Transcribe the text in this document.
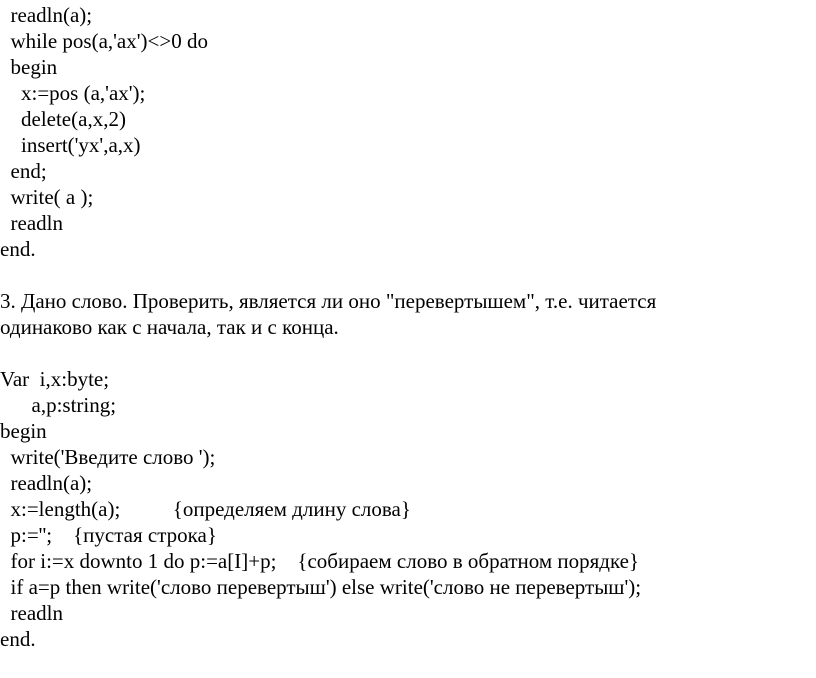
readln(a);
while pos(a,'ax')<>0 do
begin
x:=pos (a,'ax');
delete(a,x,2)
insert('yx',a,x)
end;
write( a );
readln
end.
3. Дано слово. Проверить, является ли оно "перевертышем", т.е. читается
одинаково как с начала, так и с конца.
Var  i,x:byte;
a,p:string;
begin
write('Введите слово ');
readln(a);
x:=length(a);          {определяем длину слова}
p:='';    {пустая строка}
for i:=x downto 1 do p:=a[I]+p;    {собираем слово в обратном порядке}
if a=p then write('слово перевертыш') else write('слово не перевертыш');
readln
end.
